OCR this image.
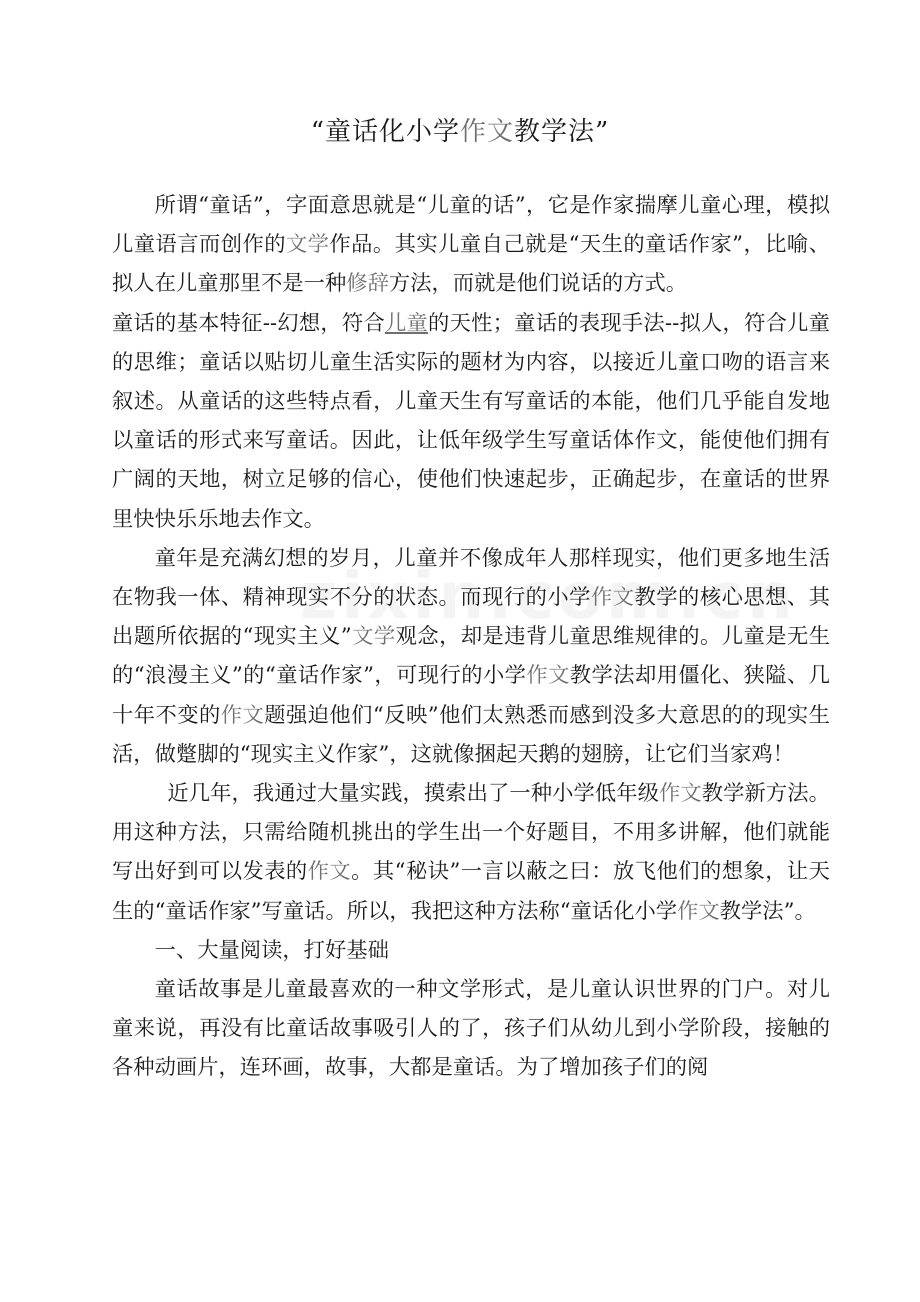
“童话化小学作文教学法”

所谓“童话”，字面意思就是“儿童的话”，它是作家揣摩儿童心理，模拟儿童语言而创作的文学作品。其实儿童自己就是“天生的童话作家”，比喻、拟人在儿童那里不是一种修辞方法，而就是他们说话的方式。

童话的基本特征--幻想，符合儿童的天性；童话的表现手法--拟人，符合儿童的思维；童话以贴切儿童生活实际的题材为内容，以接近儿童口吻的语言来叙述。从童话的这些特点看，儿童天生有写童话的本能，他们几乎能自发地以童话的形式来写童话。因此，让低年级学生写童话体作文，能使他们拥有广阔的天地，树立足够的信心，使他们快速起步，正确起步，在童话的世界里快快乐乐地去作文。

童年是充满幻想的岁月，儿童并不像成年人那样现实，他们更多地生活在物我一体、精神现实不分的状态。而现行的小学作文教学的核心思想、其出题所依据的“现实主义”文学观念，却是违背儿童思维规律的。儿童是无生的“浪漫主义”的“童话作家”，可现行的小学作文教学法却用僵化、狭隘、几十年不变的作文题强迫他们“反映”他们太熟悉而感到没多大意思的的现实生活，做蹩脚的“现实主义作家”，这就像捆起天鹅的翅膀，让它们当家鸡！

近几年，我通过大量实践，摸索出了一种小学低年级作文教学新方法。用这种方法，只需给随机挑出的学生出一个好题目，不用多讲解，他们就能写出好到可以发表的作文。其“秘诀”一言以蔽之曰：放飞他们的想象，让天生的“童话作家”写童话。所以，我把这种方法称“童话化小学作文教学法”。

一、大量阅读，打好基础

童话故事是儿童最喜欢的一种文学形式，是儿童认识世界的门户。对儿童来说，再没有比童话故事吸引人的了，孩子们从幼儿到小学阶段，接触的各种动画片，连环画，故事，大都是童话。为了增加孩子们的阅
